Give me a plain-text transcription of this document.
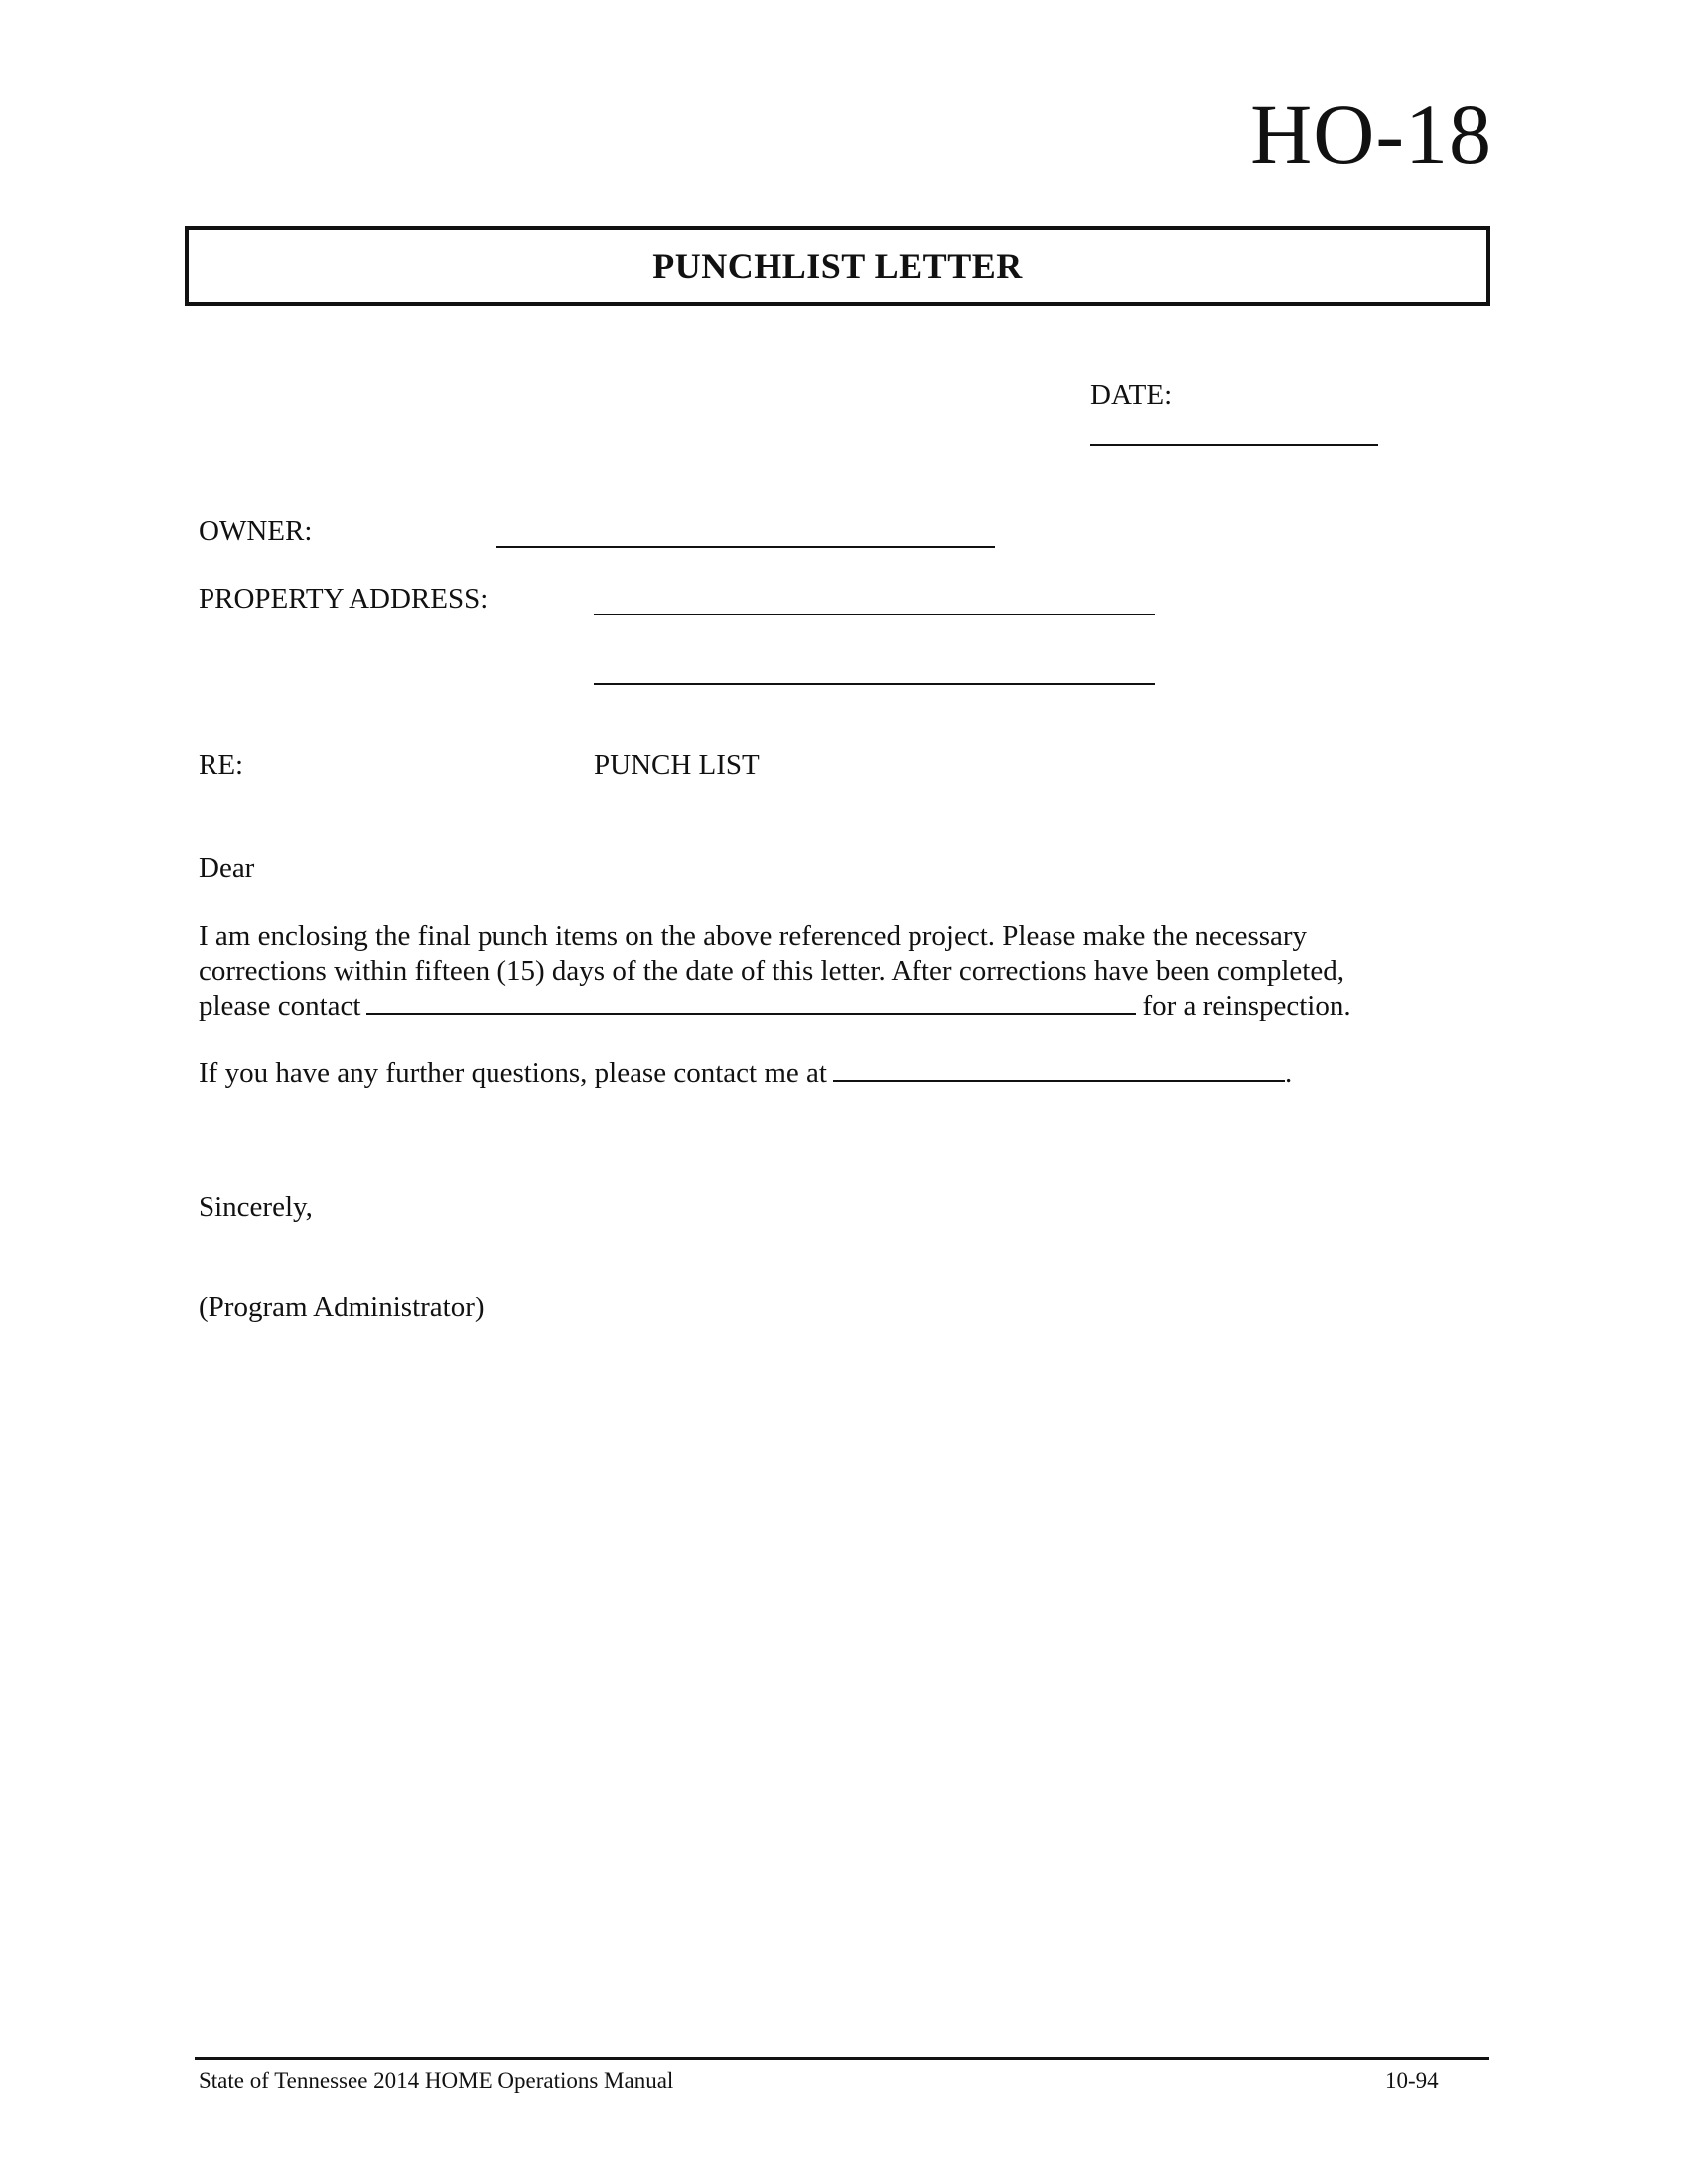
HO-18
PUNCHLIST LETTER
DATE:
OWNER:
PROPERTY ADDRESS:
RE:	PUNCH LIST
Dear
I am enclosing the final punch items on the above referenced project. Please make the necessary
corrections within fifteen (15) days of the date of this letter. After corrections have been completed,
please contact	for a reinspection.
If you have any further questions, please contact me at	.
Sincerely,
(Program Administrator)
State of Tennessee 2014 HOME Operations Manual	10-94
